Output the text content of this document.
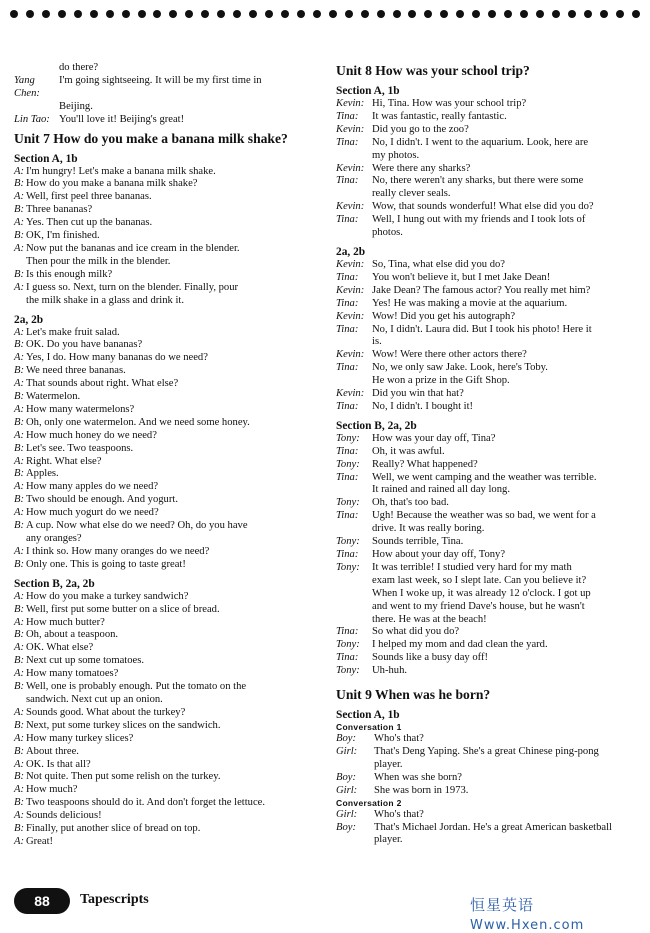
do there?
Yang Chen:
I'm going sightseeing. It will be my first time in
Beijing.
Lin Tao: You'll love it! Beijing's great!
Unit 7 How do you make a banana milk shake?
Section A, 1b
A: I'm hungry! Let's make a banana milk shake.
B: How do you make a banana milk shake?
A: Well, first peel three bananas.
B: Three bananas?
A: Yes. Then cut up the bananas.
B: OK, I'm finished.
A: Now put the bananas and ice cream in the blender.
Then pour the milk in the blender.
B: Is this enough milk?
A: I guess so. Next, turn on the blender. Finally, pour
the milk shake in a glass and drink it.
2a, 2b
A: Let's make fruit salad.
B: OK. Do you have bananas?
A: Yes, I do. How many bananas do we need?
B: We need three bananas.
A: That sounds about right. What else?
B: Watermelon.
A: How many watermelons?
B: Oh, only one watermelon. And we need some honey.
A: How much honey do we need?
B: Let's see. Two teaspoons.
A: Right. What else?
B: Apples.
A: How many apples do we need?
B: Two should be enough. And yogurt.
A: How much yogurt do we need?
B: A cup. Now what else do we need? Oh, do you have
any oranges?
A: I think so. How many oranges do we need?
B: Only one. This is going to taste great!
Section B, 2a, 2b
A: How do you make a turkey sandwich?
B: Well, first put some butter on a slice of bread.
A: How much butter?
B: Oh, about a teaspoon.
A: OK. What else?
B: Next cut up some tomatoes.
A: How many tomatoes?
B: Well, one is probably enough. Put the tomato on the
sandwich. Next cut up an onion.
A: Sounds good. What about the turkey?
B: Next, put some turkey slices on the sandwich.
A: How many turkey slices?
B: About three.
A: OK. Is that all?
B: Not quite. Then put some relish on the turkey.
A: How much?
B: Two teaspoons should do it. And don't forget the lettuce.
A: Sounds delicious!
B: Finally, put another slice of bread on top.
A: Great!
Unit 8 How was your school trip?
Section A, 1b
Kevin: Hi, Tina. How was your school trip?
Tina:	It was fantastic, really fantastic.
Kevin: Did you go to the zoo?
Tina:	No, I didn't. I went to the aquarium. Look, here are
my photos.
Kevin: Were there any sharks?
Tina:	No, there weren't any sharks, but there were some
really clever seals.
Kevin: Wow, that sounds wonderful! What else did you do?
Tina:	Well, I hung out with my friends and I took lots of
photos.
2a, 2b
Kevin: So, Tina, what else did you do?
Tina:	You won't believe it, but I met Jake Dean!
Kevin: Jake Dean? The famous actor? You really met him?
Tina:	Yes! He was making a movie at the aquarium.
Kevin: Wow! Did you get his autograph?
Tina:	No, I didn't. Laura did. But I took his photo! Here it
is.
Kevin: Wow! Were there other actors there?
Tina:	No, we only saw Jake. Look, here's Toby.
He won a prize in the Gift Shop.
Kevin: Did you win that hat?
Tina:	No, I didn't. I bought it!
Section B, 2a, 2b
Tony:	How was your day off, Tina?
Tina:	Oh, it was awful.
Tony:	Really? What happened?
Tina:	Well, we went camping and the weather was terrible.
It rained and rained all day long.
Tony:	Oh, that's too bad.
Tina:	Ugh! Because the weather was so bad, we went for a
drive. It was really boring.
Tony:	Sounds terrible, Tina.
Tina:	How about your day off, Tony?
Tony:	It was terrible! I studied very hard for my math
exam last week, so I slept late. Can you believe it?
When I woke up, it was already 12 o'clock. I got up
and went to my friend Dave's house, but he wasn't
there. He was at the beach!
Tina:	So what did you do?
Tony:	I helped my mom and dad clean the yard.
Tina:	Sounds like a busy day off!
Tony:	Uh-huh.
Unit 9 When was he born?
Section A, 1b
Conversation 1
Boy:	Who's that?
Girl:	That's Deng Yaping. She's a great Chinese ping-pong
player.
Boy:	When was she born?
Girl:	She was born in 1973.
Conversation 2
Girl:	Who's that?
Boy:	That's Michael Jordan. He's a great American basketball
player.
88 Tapescripts	恒星英语 Www.Hxen.com
